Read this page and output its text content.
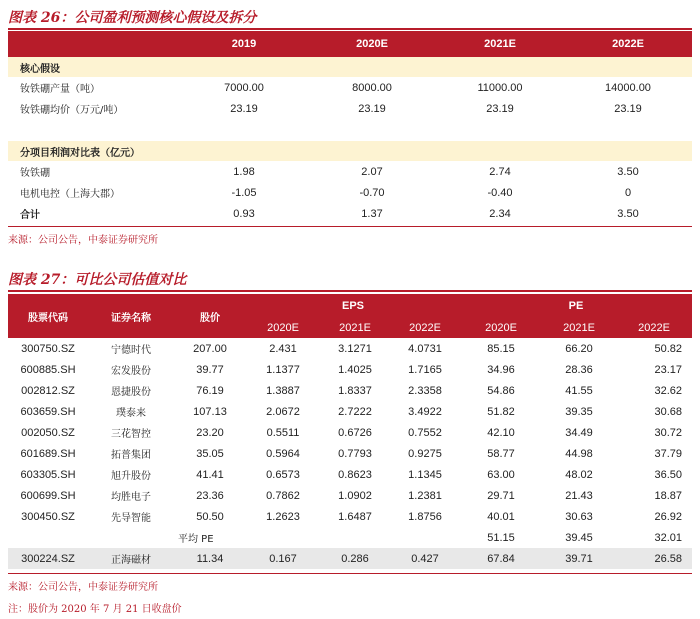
图表 26：公司盈利预测核心假设及拆分
	2019	2020E	2021E	2022E
核心假设				
钕铁硼产量（吨）	7000.00	8000.00	11000.00	14000.00
钕铁硼均价（万元/吨）	23.19	23.19	23.19	23.19

分项目利润对比表（亿元）				
钕铁硼	1.98	2.07	2.74	3.50
电机电控（上海大郡）	-1.05	-0.70	-0.40	0
合计	0.93	1.37	2.34	3.50
来源：公司公告，中泰证券研究所
图表 27：可比公司估值对比
股票代码	证券名称	股价	EPS			PE		
			2020E	2021E	2022E	2020E	2021E	2022E
300750.SZ	宁德时代	207.00	2.431	3.1271	4.0731	85.15	66.20	50.82
600885.SH	宏发股份	39.77	1.1377	1.4025	1.7165	34.96	28.36	23.17
002812.SZ	恩捷股份	76.19	1.3887	1.8337	2.3358	54.86	41.55	32.62
603659.SH	璞泰来	107.13	2.0672	2.7222	3.4922	51.82	39.35	30.68
002050.SZ	三花智控	23.20	0.5511	0.6726	0.7552	42.10	34.49	30.72
601689.SH	拓普集团	35.05	0.5964	0.7793	0.9275	58.77	44.98	37.79
603305.SH	旭升股份	41.41	0.6573	0.8623	1.1345	63.00	48.02	36.50
600699.SH	均胜电子	23.36	0.7862	1.0902	1.2381	29.71	21.43	18.87
300450.SZ	先导智能	50.50	1.2623	1.6487	1.8756	40.01	30.63	26.92
		平均 PE				51.15	39.45	32.01
300224.SZ	正海磁材	11.34	0.167	0.286	0.427	67.84	39.71	26.58
来源：公司公告，中泰证券研究所
注：股价为 2020 年 7 月 21 日收盘价
